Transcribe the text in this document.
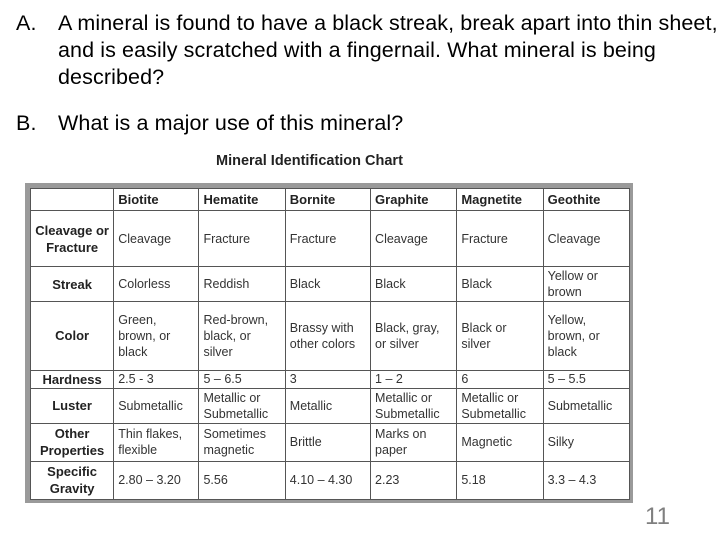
A. A mineral is found to have a black streak, break apart into thin sheet, and is easily scratched with a fingernail. What mineral is being described?
B. What is a major use of this mineral?
Mineral Identification Chart
	Biotite	Hematite	Bornite	Graphite	Magnetite	Geothite
Cleavage or Fracture	Cleavage	Fracture	Fracture	Cleavage	Fracture	Cleavage
Streak	Colorless	Reddish	Black	Black	Black	Yellow or brown
Color	Green, brown, or black	Red-brown, black, or silver	Brassy with other colors	Black, gray, or silver	Black or silver	Yellow, brown, or black
Hardness	2.5 - 3	5 – 6.5	3	1 – 2	6	5 – 5.5
Luster	Submetallic	Metallic or Submetallic	Metallic	Metallic or Submetallic	Metallic or Submetallic	Submetallic
Other Properties	Thin flakes, flexible	Sometimes magnetic	Brittle	Marks on paper	Magnetic	Silky
Specific Gravity	2.80 – 3.20	5.56	4.10 – 4.30	2.23	5.18	3.3 – 4.3
11
